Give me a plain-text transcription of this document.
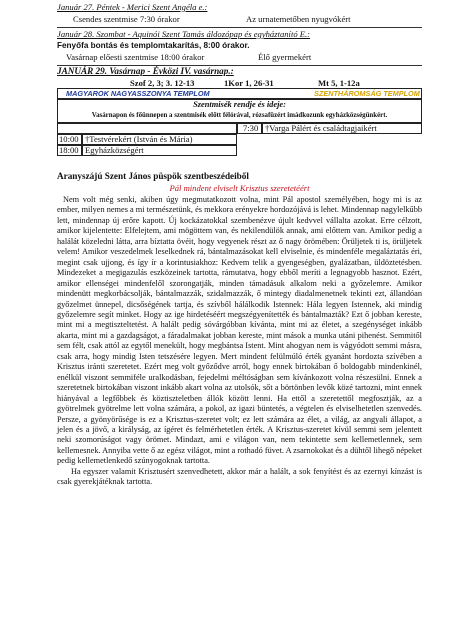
Január 27. Péntek - Merici Szent Angéla e.:
Csendes szentmise 7:30 órakor	Az urnatemetőben nyugvókért
Január 28. Szombat - Aquinói Szent Tamás áldozópap és egyháztanító E.:
Fenyőfa bontás és templomtakarítás, 8:00 órakor.
Vasárnap előesti szentmise 18:00 órakor	Élő gyermekért
JANUÁR 29. Vasárnap - Évközi IV. vasárnap.:
Szof 2, 3; 3. 12-13	1Kor 1, 26-31	Mt 5, 1-12a
MAGYAROK NAGYASSZONYA TEMPLOM	SZENTHÁROMSÁG TEMPLOM
Szentmisék rendje és ideje:
Vasárnapon és főünnepen a szentmisék előtt félórával, rózsafüzért imádkozunk egyházközségünkért.
7:30 †Varga Pálért és családtagjaikért
10:00 †Testvérekért (István és Mária)
18:00 Egyházközségért
Aranyszájú Szent János püspök szentbeszédeiből
Pál mindent elviselt Krisztus szeretetéért

Nem volt még senki, akiben úgy megmutatkozott volna, mint Pál apostol személyében, hogy mi is az ember, milyen nemes a mi természetünk, és mekkora erényekre hordozójává is lehet. Mindennap nagylelkűbb lett, mindennap új erőre kapott. Új kockázatokkal szembenézve újult kedvvel vállalta azokat. Erre célzott, amikor kijelentette: Elfelejtem, ami mögöttem van, és nekilendülök annak, ami előttem van. Amikor pedig a halálát közeledni látta, arra bíztatta övéit, hogy vegyenek részt az ő nagy örömében: Örüljetek ti is, örüljetek velem! Amikor veszedelmek leselkednek rá, bántalmazásokat kell elviselnie, és mindenféle megaláztatás éri, megint csak ujjong, és így ír a korintusiakhoz: Kedvem telik a gyengeségben, gyalázatban, üldöztetésben. Mindezeket a megigazulás eszközeinek tartotta, rámutatva, hogy ebből meríti a legnagyobb hasznot. Ezért, amikor ellenségei mindenfelől szorongatják, minden támadásuk alkalom neki a győzelemre. Amikor mindenütt megkorbácsolják, bántalmazzák, szidalmazzák, ő mintegy diadalmenetnek tekinti ezt, állandóan győzelmet ünnepel, dicsőségének tartja, és szívből hálálkodik Istennek: Hála legyen Istennek, aki mindig győzelemre segít minket. Hogy az ige hirdetéséért megszégyenítették és bántalmazták? Ezt ő jobban kereste, mint mi a megtiszteltetést. A halált pedig sóvárgóbban kívánta, mint mi az életet, a szegénységet inkább akarta, mint mi a gazdagságot, a fáradalmakat jobban kereste, mint mások a munka utáni pihenést. Semmitől sem félt, csak attól az egytől menekült, hogy megbántsa Istent. Mint ahogyan nem is vágyódott semmi másra, csak arra, hogy mindig Isten tetszésére legyen. Mert mindent felülmúló érték gyanánt hordozta szívében a Krisztus iránti szeretetet. Ezért meg volt győződve arról, hogy ennek birtokában ő boldogabb mindenkinél, enélkül viszont semmiféle uralkodásban, fejedelmi méltóságban sem kívánkozott volna részesülni. Ennek a szeretetnek birtokában viszont inkább akart volna az utolsók, sőt a börtönben levők közé tartozni, mint ennek hiányával a legfőbbek és köztiszteletben állók között lenni. Ha ettől a szeretettől megfosztják, az a gyötrelmek gyötrelme lett volna számára, a pokol, az igazi büntetés, a végtelen és elviselhetetlen szenvedés. Persze, a gyönyörűsége is ez a Krisztus-szeretet volt; ez lett számára az élet, a világ, az angyali állapot, a jelen és a jövő, a királyság, az ígéret és felmérhetetlen érték. A Krisztus-szeretet kívül semmi sem jelentett neki szomorúságot vagy örömet. Mindazt, ami e világon van, nem tekintette sem kellemetlennek, sem kellemesnek. Annyiba vette ő az egész világot, mint a rothadó füvet. A zsarnokokat és a dühtől lihegő népeket pedig kellemetlenkedő szúnyogoknak tartotta.

Ha egyszer valamit Krisztusért szenvedhetett, akkor már a halált, a sok fenyítést és az ezernyi kínzást is csak gyerekjátéknak tartotta.
